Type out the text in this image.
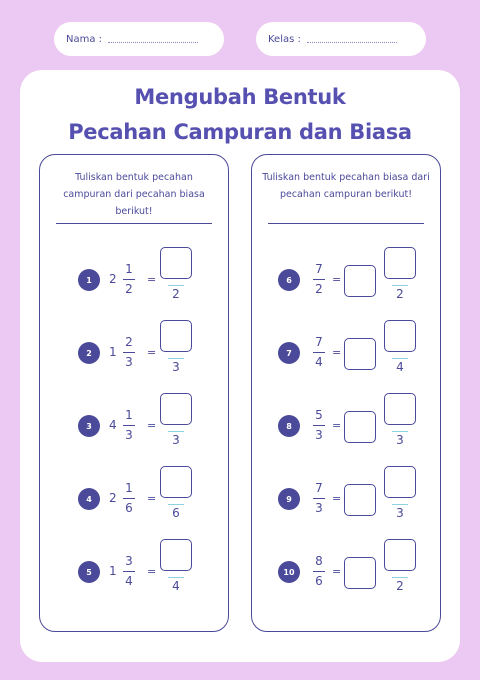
Nama :	Kelas :
Mengubah Bentuk
Pecahan Campuran dan Biasa
Tuliskan bentuk pecahan campuran dari pecahan biasa berikut!
1	2
1
2
=
2
2	1
2
3
=
3
3	4
1
3
=
3
4	2
1
6
=
6
5	1
3
4
=
4
Tuliskan bentuk pecahan biasa dari pecahan campuran berikut!
6
7
2
=
2
7
7
4
=
4
8
5
3
=
3
9
7
3
=
3
10
8
6
=
2
